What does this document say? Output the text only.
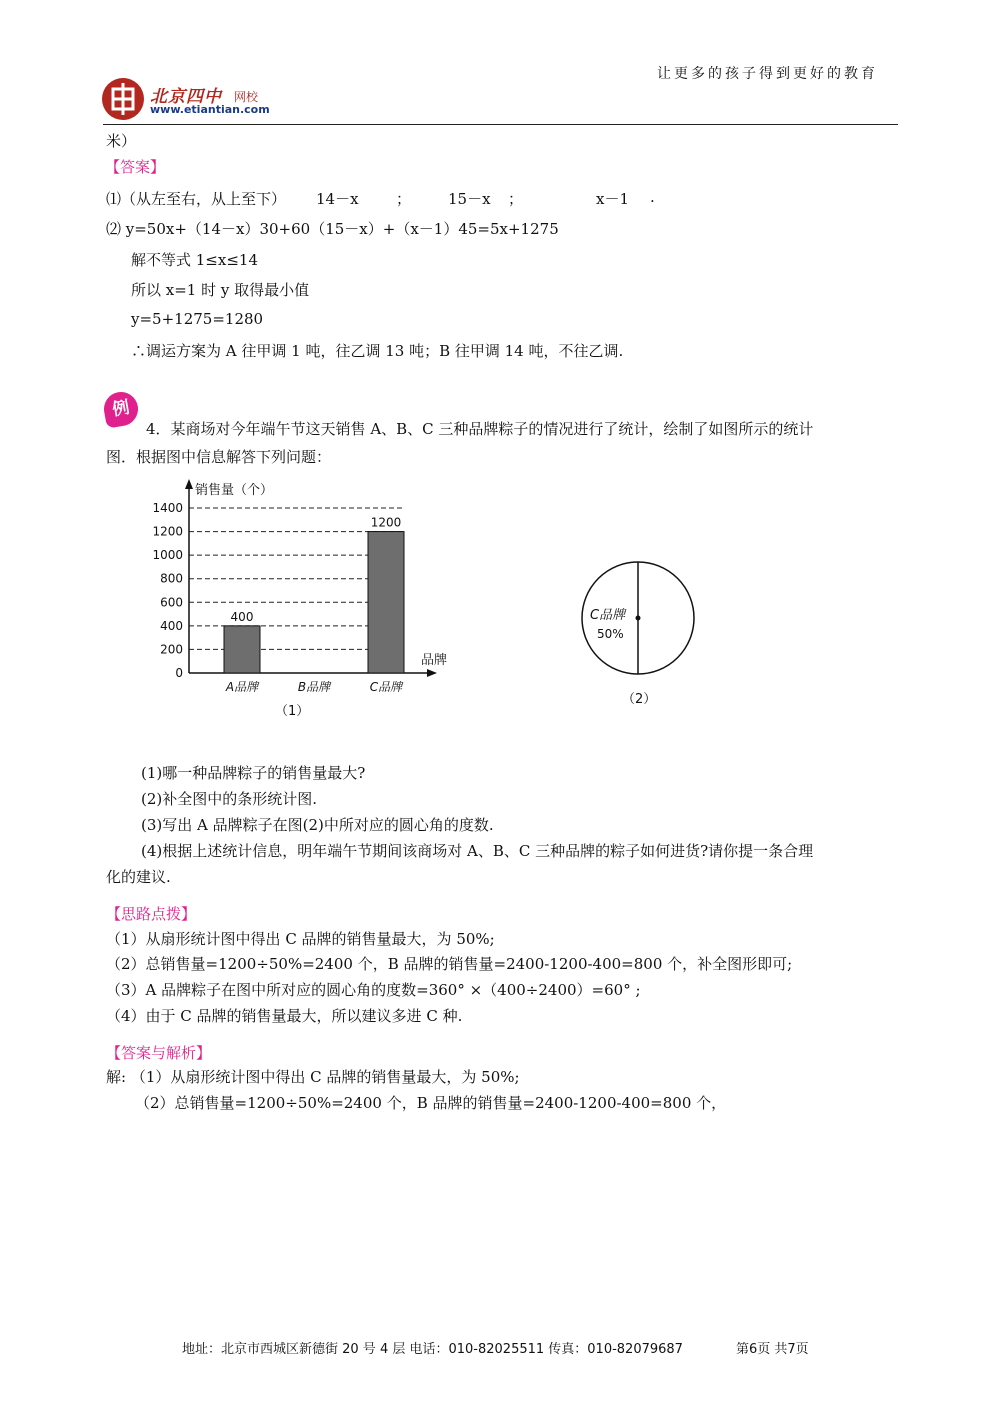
让更多的孩子得到更好的教育
北京四中 网校
www.etiantian.com
米）
【答案】
⑴（从左至右，从上至下） 14－x ； 15－x ；	x－1 .
⑵ y=50x+（14－x）30+60（15－x）+（x－1）45=5x+1275
解不等式 1≤x≤14
所以 x=1 时 y 取得最小值
y=5+1275=1280
∴调运方案为 A 往甲调 1 吨，往乙调 13 吨；B 往甲调 14 吨，不往乙调.
例
4．某商场对今年端午节这天销售 A、B、C 三种品牌粽子的情况进行了统计，绘制了如图所示的统计
图．根据图中信息解答下列问题：
销售量（个）
品牌
（1）
0
200
400
600
800
1000
1200
1400
400
A品牌	B品牌
1200
C品牌
C品牌
50%
（2）
(1)哪一种品牌粽子的销售量最大?
(2)补全图中的条形统计图.
(3)写出 A 品牌粽子在图(2)中所对应的圆心角的度数.
(4)根据上述统计信息，明年端午节期间该商场对 A、B、C 三种品牌的粽子如何进货?请你提一条合理
化的建议.
【思路点拨】
（1）从扇形统计图中得出 C 品牌的销售量最大，为 50%;
（2）总销售量=1200÷50%=2400 个，B 品牌的销售量=2400-1200-400=800 个，补全图形即可;
（3）A 品牌粽子在图中所对应的圆心角的度数=360° ×（400÷2400）=60° ;
（4）由于 C 品牌的销售量最大，所以建议多进 C 种.
【答案与解析】
解: （1）从扇形统计图中得出 C 品牌的销售量最大，为 50%;
（2）总销售量=1200÷50%=2400 个，B 品牌的销售量=2400-1200-400=800 个，
地址：北京市西城区新德街 20 号 4 层 电话：010-82025511 传真：010-82079687	第6页 共7页
